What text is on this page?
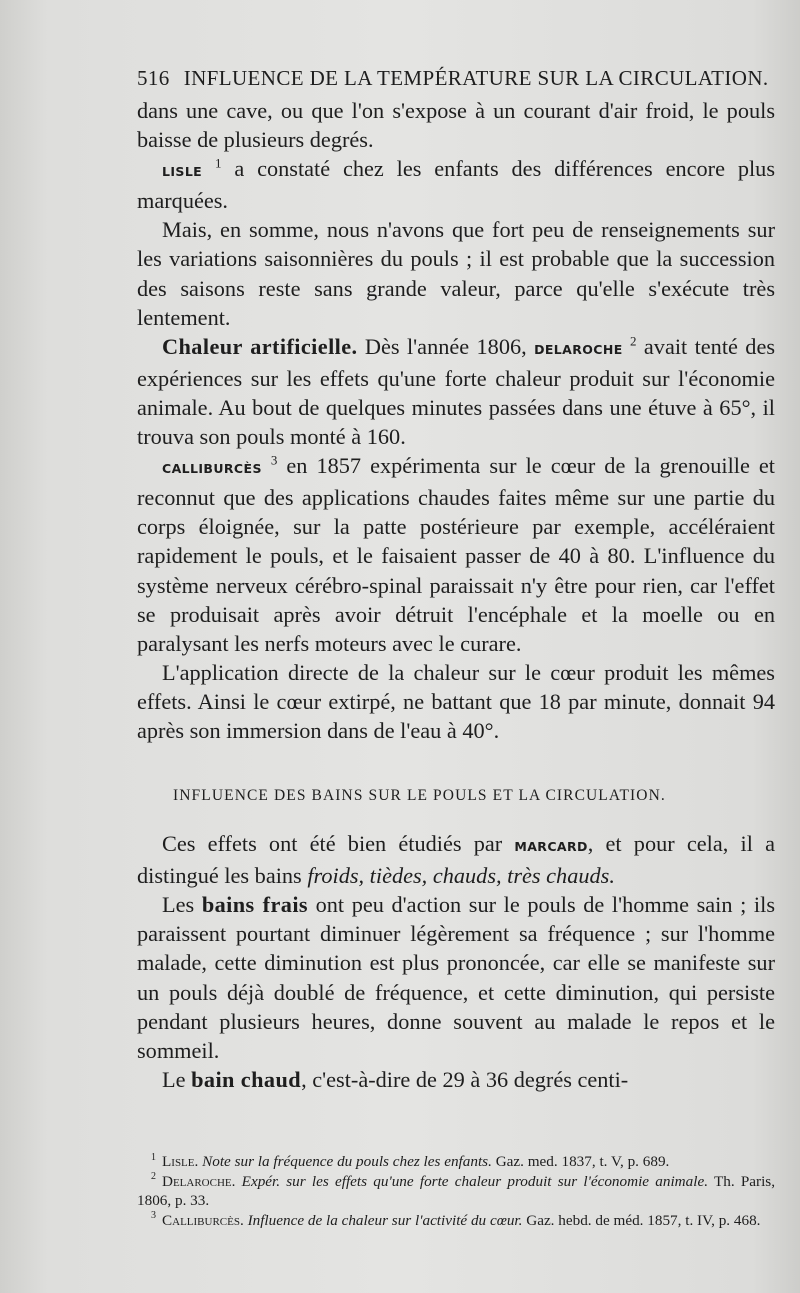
516 INFLUENCE DE LA TEMPÉRATURE SUR LA CIRCULATION.

dans une cave, ou que l'on s'expose à un courant d'air froid, le pouls baisse de plusieurs degrés.

LISLE $^1$ a constaté chez les enfants des différences encore plus marquées.

Mais, en somme, nous n'avons que fort peu de renseignements sur les variations saisonnières du pouls ; il est probable que la succession des saisons reste sans grande valeur, parce qu'elle s'exécute très lentement.

Chaleur artificielle. Dès l'année 1806, DELAROCHE $^2$ avait tenté des expériences sur les effets qu'une forte chaleur produit sur l'économie animale. Au bout de quelques minutes passées dans une étuve à 65°, il trouva son pouls monté à 160.

CALLIBURCÈS $^3$ en 1857 expérimenta sur le cœur de la grenouille et reconnut que des applications chaudes faites même sur une partie du corps éloignée, sur la patte postérieure par exemple, accéléraient rapidement le pouls, et le faisaient passer de 40 à 80. L'influence du système nerveux cérébro-spinal paraissait n'y être pour rien, car l'effet se produisait après avoir détruit l'encéphale et la moelle ou en paralysant les nerfs moteurs avec le curare.

L'application directe de la chaleur sur le cœur produit les mêmes effets. Ainsi le cœur extirpé, ne battant que 18 par minute, donnait 94 après son immersion dans de l'eau à 40°.

INFLUENCE DES BAINS SUR LE POULS ET LA CIRCULATION.

Ces effets ont été bien étudiés par MARCARD, et pour cela, il a distingué les bains froids, tièdes, chauds, très chauds.

Les bains frais ont peu d'action sur le pouls de l'homme sain ; ils paraissent pourtant diminuer légèrement sa fréquence ; sur l'homme malade, cette diminution est plus prononcée, car elle se manifeste sur un pouls déjà doublé de fréquence, et cette diminution, qui persiste pendant plusieurs heures, donne souvent au malade le repos et le sommeil.

Le bain chaud, c'est-à-dire de 29 à 36 degrés centi-

$^1$ Lisle. Note sur la fréquence du pouls chez les enfants. Gaz. med. 1837, t. V, p. 689.

$^2$ Delaroche. Expér. sur les effets qu'une forte chaleur produit sur l'économie animale. Th. Paris, 1806, p. 33.

$^3$ Calliburcès. Influence de la chaleur sur l'activité du cœur. Gaz. hebd. de méd. 1857, t. IV, p. 468.
